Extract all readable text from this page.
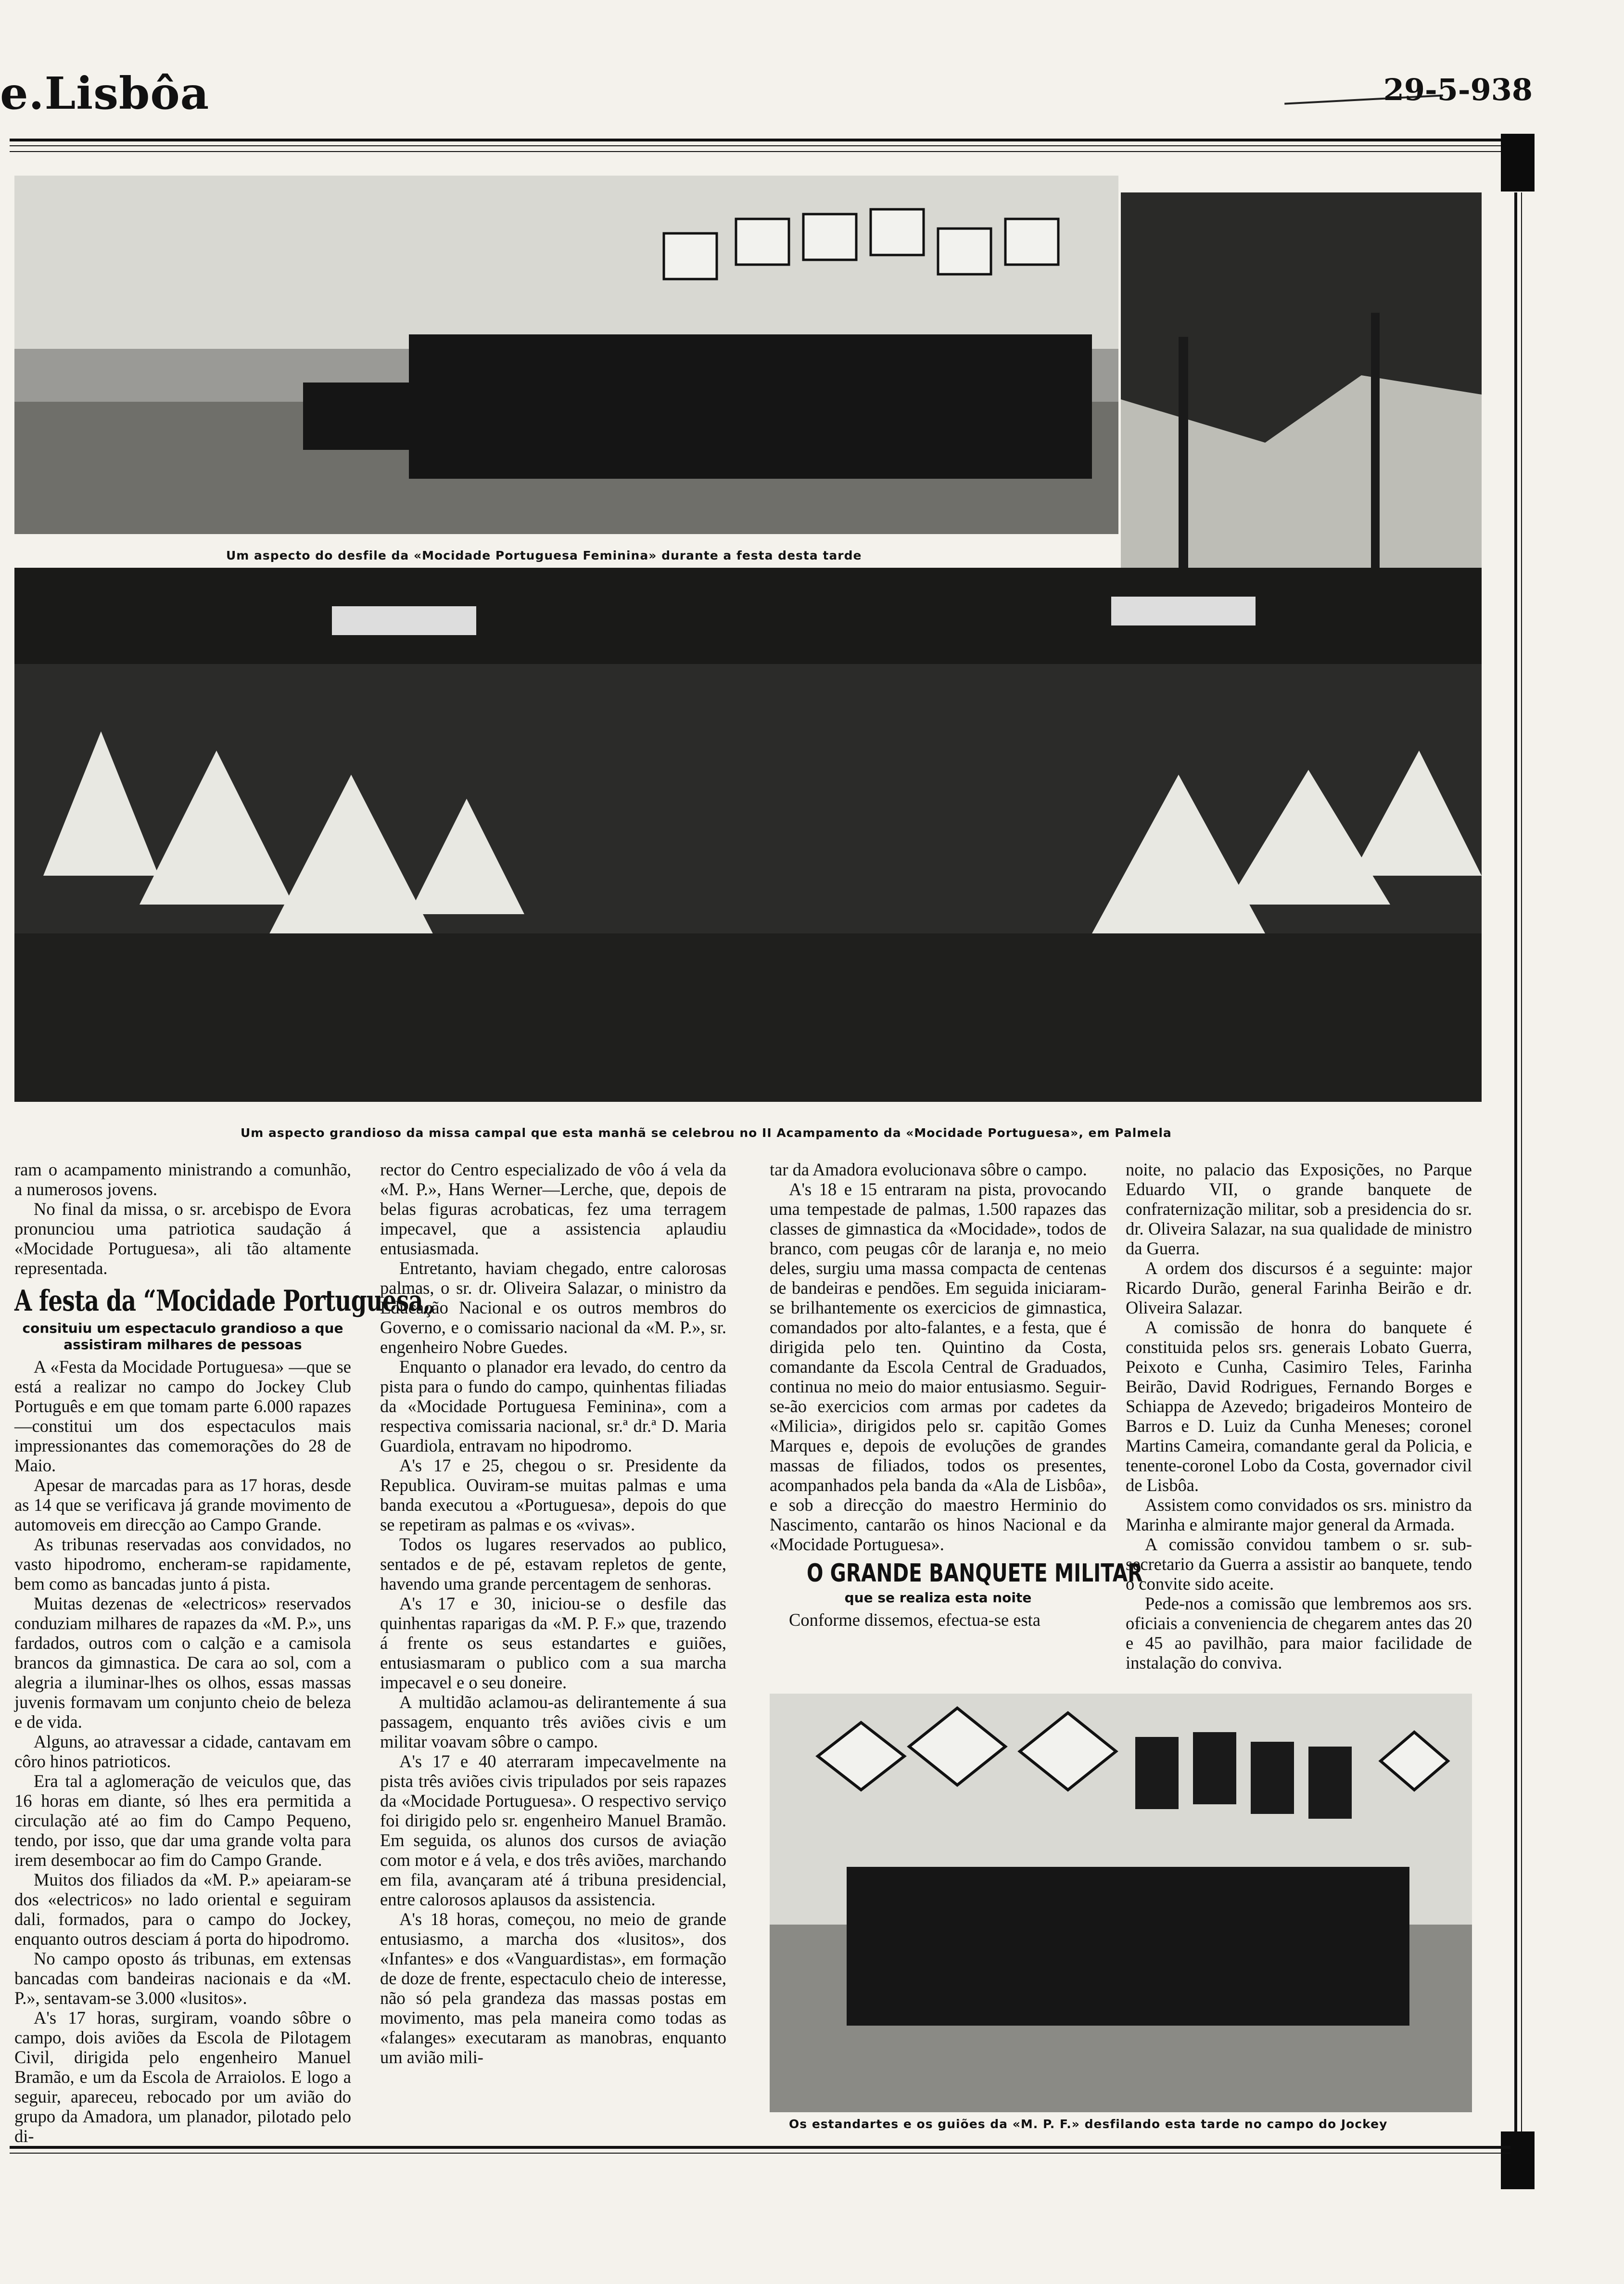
e.Lisbôa	29-5-938
Um aspecto do desfile da «Mocidade Portuguesa Feminina» durante a festa desta tarde
Um aspecto grandioso da missa campal que esta manhã se celebrou no II Acampamento da «Mocidade Portuguesa», em Palmela

ram o acampamento ministrando a comunhão, a numerosos jovens.

No final da missa, o sr. arcebispo de Evora pronunciou uma patriotica saudação á «Mocidade Portuguesa», ali tão altamente representada.

A festa da “Mocidade Portuguesa„
consituiu um espectaculo grandioso a que assistiram milhares de pessoas

A «Festa da Mocidade Portuguesa» —que se está a realizar no campo do Jockey Club Português e em que tomam parte 6.000 rapazes—constitui um dos espectaculos mais impressionantes das comemorações do 28 de Maio.

Apesar de marcadas para as 17 horas, desde as 14 que se verificava já grande movimento de automoveis em direcção ao Campo Grande.

As tribunas reservadas aos convidados, no vasto hipodromo, encheram-se rapidamente, bem como as bancadas junto á pista.

Muitas dezenas de «electricos» reservados conduziam milhares de rapazes da «M. P.», uns fardados, outros com o calção e a camisola brancos da gimnastica. De cara ao sol, com a alegria a iluminar-lhes os olhos, essas massas juvenis formavam um conjunto cheio de beleza e de vida.

Alguns, ao atravessar a cidade, cantavam em côro hinos patrioticos.

Era tal a aglomeração de veiculos que, das 16 horas em diante, só lhes era permitida a circulação até ao fim do Campo Pequeno, tendo, por isso, que dar uma grande volta para irem desembocar ao fim do Campo Grande.

Muitos dos filiados da «M. P.» apeiaram-se dos «electricos» no lado oriental e seguiram dali, formados, para o campo do Jockey, enquanto outros desciam á porta do hipodromo.

No campo oposto ás tribunas, em extensas bancadas com bandeiras nacionais e da «M. P.», sentavam-se 3.000 «lusitos».

A's 17 horas, surgiram, voando sôbre o campo, dois aviões da Escola de Pilotagem Civil, dirigida pelo engenheiro Manuel Bramão, e um da Escola de Arraiolos. E logo a seguir, apareceu, rebocado por um avião do grupo da Amadora, um planador, pilotado pelo di-

rector do Centro especializado de vôo á vela da «M. P.», Hans Werner—Lerche, que, depois de belas figuras acrobaticas, fez uma terragem impecavel, que a assistencia aplaudiu entusiasmada.

Entretanto, haviam chegado, entre calorosas palmas, o sr. dr. Oliveira Salazar, o ministro da Educação Nacional e os outros membros do Governo, e o comissario nacional da «M. P.», sr. engenheiro Nobre Guedes.

Enquanto o planador era levado, do centro da pista para o fundo do campo, quinhentas filiadas da «Mocidade Portuguesa Feminina», com a respectiva comissaria nacional, sr.ª dr.ª D. Maria Guardiola, entravam no hipodromo.

A's 17 e 25, chegou o sr. Presidente da Republica. Ouviram-se muitas palmas e uma banda executou a «Portuguesa», depois do que se repetiram as palmas e os «vivas».

Todos os lugares reservados ao publico, sentados e de pé, estavam repletos de gente, havendo uma grande percentagem de senhoras.

A's 17 e 30, iniciou-se o desfile das quinhentas raparigas da «M. P. F.» que, trazendo á frente os seus estandartes e guiões, entusiasmaram o publico com a sua marcha impecavel e o seu doneire.

A multidão aclamou-as delirantemente á sua passagem, enquanto três aviões civis e um militar voavam sôbre o campo.

A's 17 e 40 aterraram impecavelmente na pista três aviões civis tripulados por seis rapazes da «Mocidade Portuguesa». O respectivo serviço foi dirigido pelo sr. engenheiro Manuel Bramão. Em seguida, os alunos dos cursos de aviação com motor e á vela, e dos três aviões, marchando em fila, avançaram até á tribuna presidencial, entre calorosos aplausos da assistencia.

A's 18 horas, começou, no meio de grande entusiasmo, a marcha dos «lusitos», dos «Infantes» e dos «Vanguardistas», em formação de doze de frente, espectaculo cheio de interesse, não só pela grandeza das massas postas em movimento, mas pela maneira como todas as «falanges» executaram as manobras, enquanto um avião mili-

tar da Amadora evolucionava sôbre o campo.

A's 18 e 15 entraram na pista, provocando uma tempestade de palmas, 1.500 rapazes das classes de gimnastica da «Mocidade», todos de branco, com peugas côr de laranja e, no meio deles, surgiu uma massa compacta de centenas de bandeiras e pendões. Em seguida iniciaram-se brilhantemente os exercicios de gimnastica, comandados por alto-falantes, e a festa, que é dirigida pelo ten. Quintino da Costa, comandante da Escola Central de Graduados, continua no meio do maior entusiasmo. Seguir-se-ão exercicios com armas por cadetes da «Milicia», dirigidos pelo sr. capitão Gomes Marques e, depois de evoluções de grandes massas de filiados, todos os presentes, acompanhados pela banda da «Ala de Lisbôa», e sob a direcção do maestro Herminio do Nascimento, cantarão os hinos Nacional e da «Mocidade Portuguesa».

O GRANDE BANQUETE MILITAR
que se realiza esta noite

Conforme dissemos, efectua-se esta

noite, no palacio das Exposições, no Parque Eduardo VII, o grande banquete de confraternização militar, sob a presidencia do sr. dr. Oliveira Salazar, na sua qualidade de ministro da Guerra.

A ordem dos discursos é a seguinte: major Ricardo Durão, general Farinha Beirão e dr. Oliveira Salazar.

A comissão de honra do banquete é constituida pelos srs. generais Lobato Guerra, Peixoto e Cunha, Casimiro Teles, Farinha Beirão, David Rodrigues, Fernando Borges e Schiappa de Azevedo; brigadeiros Monteiro de Barros e D. Luiz da Cunha Meneses; coronel Martins Cameira, comandante geral da Policia, e tenente-coronel Lobo da Costa, governador civil de Lisbôa.

Assistem como convidados os srs. ministro da Marinha e almirante major general da Armada.

A comissão convidou tambem o sr. sub-secretario da Guerra a assistir ao banquete, tendo o convite sido aceite.

Pede-nos a comissão que lembremos aos srs. oficiais a conveniencia de chegarem antes das 20 e 45 ao pavilhão, para maior facilidade de instalação do conviva.

Os estandartes e os guiões da «M. P. F.» desfilando esta tarde no campo do Jockey
